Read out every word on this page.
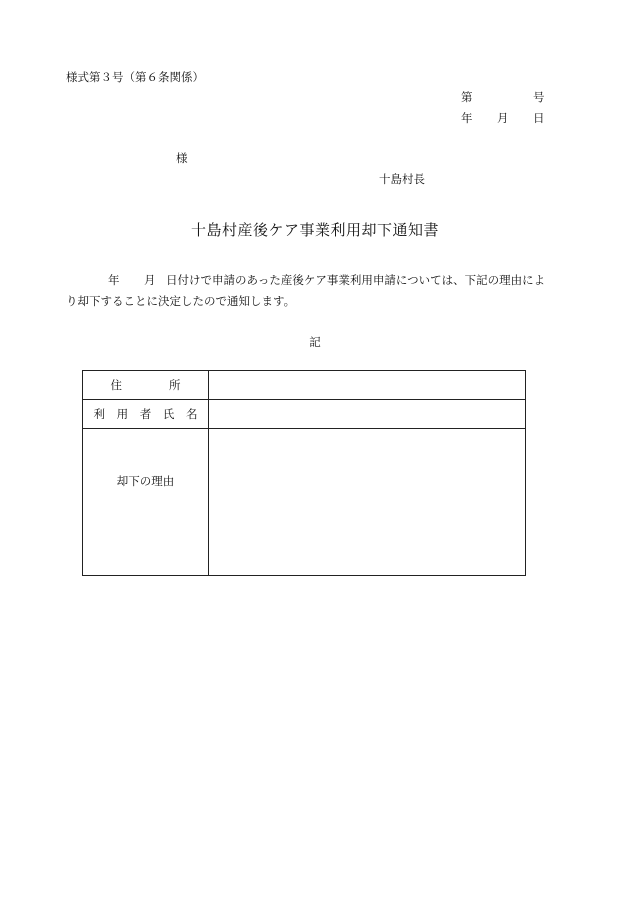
様式第３号（第６条関係）
第	号
年 月 日
様
十島村長
十島村産後ケア事業利用却下通知書
年 月 日付けで申請のあった産後ケア事業利用申請については、下記の理由によ
り却下することに決定したので通知します。
記
住 所	

利 用 者 氏 名	

却下の理由	
